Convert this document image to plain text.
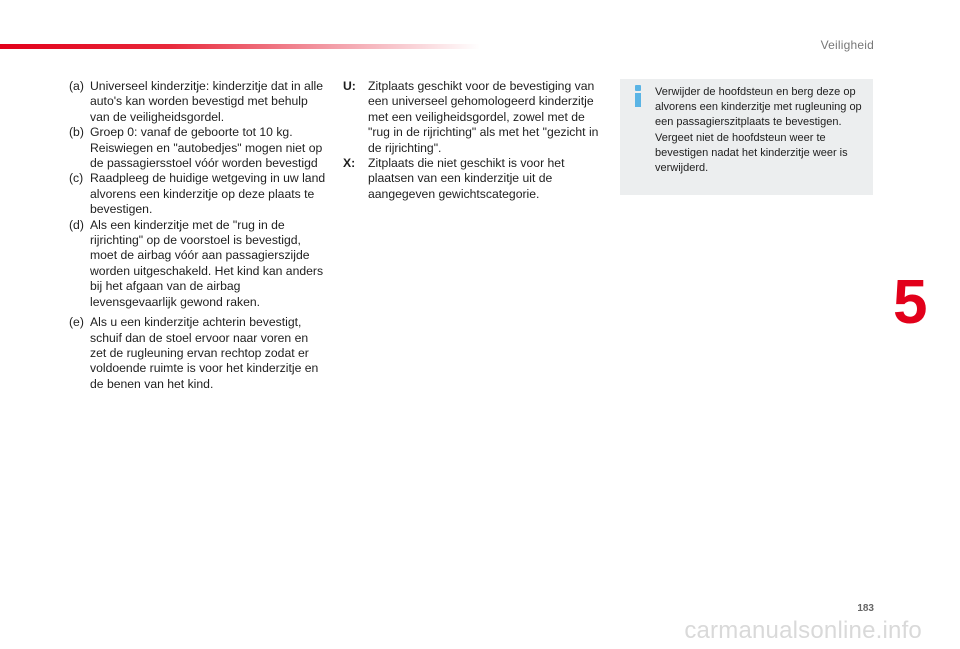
Veiligheid
(a) Universeel kinderzitje: kinderzitje dat in alle auto's kan worden bevestigd met behulp van de veiligheidsgordel.
(b) Groep 0: vanaf de geboorte tot 10 kg. Reiswiegen en "autobedjes" mogen niet op de passagiersstoel vóór worden bevestigd
(c) Raadpleeg de huidige wetgeving in uw land alvorens een kinderzitje op deze plaats te bevestigen.
(d) Als een kinderzitje met de "rug in de rijrichting" op de voorstoel is bevestigd, moet de airbag vóór aan passagierszijde worden uitgeschakeld. Het kind kan anders bij het afgaan van de airbag levensgevaarlijk gewond raken.
(e) Als u een kinderzitje achterin bevestigt, schuif dan de stoel ervoor naar voren en zet de rugleuning ervan rechtop zodat er voldoende ruimte is voor het kinderzitje en de benen van het kind.
U: Zitplaats geschikt voor de bevestiging van een universeel gehomologeerd kinderzitje met een veiligheidsgordel, zowel met de "rug in de rijrichting" als met het "gezicht in de rijrichting".
X:	Zitplaats die niet geschikt is voor het plaatsen van een kinderzitje uit de aangegeven gewichtscategorie.
Verwijder de hoofdsteun en berg deze op alvorens een kinderzitje met rugleuning op een passagierszitplaats te bevestigen. Vergeet niet de hoofdsteun weer te bevestigen nadat het kinderzitje weer is verwijderd.
5
183
carmanualsonline.info
